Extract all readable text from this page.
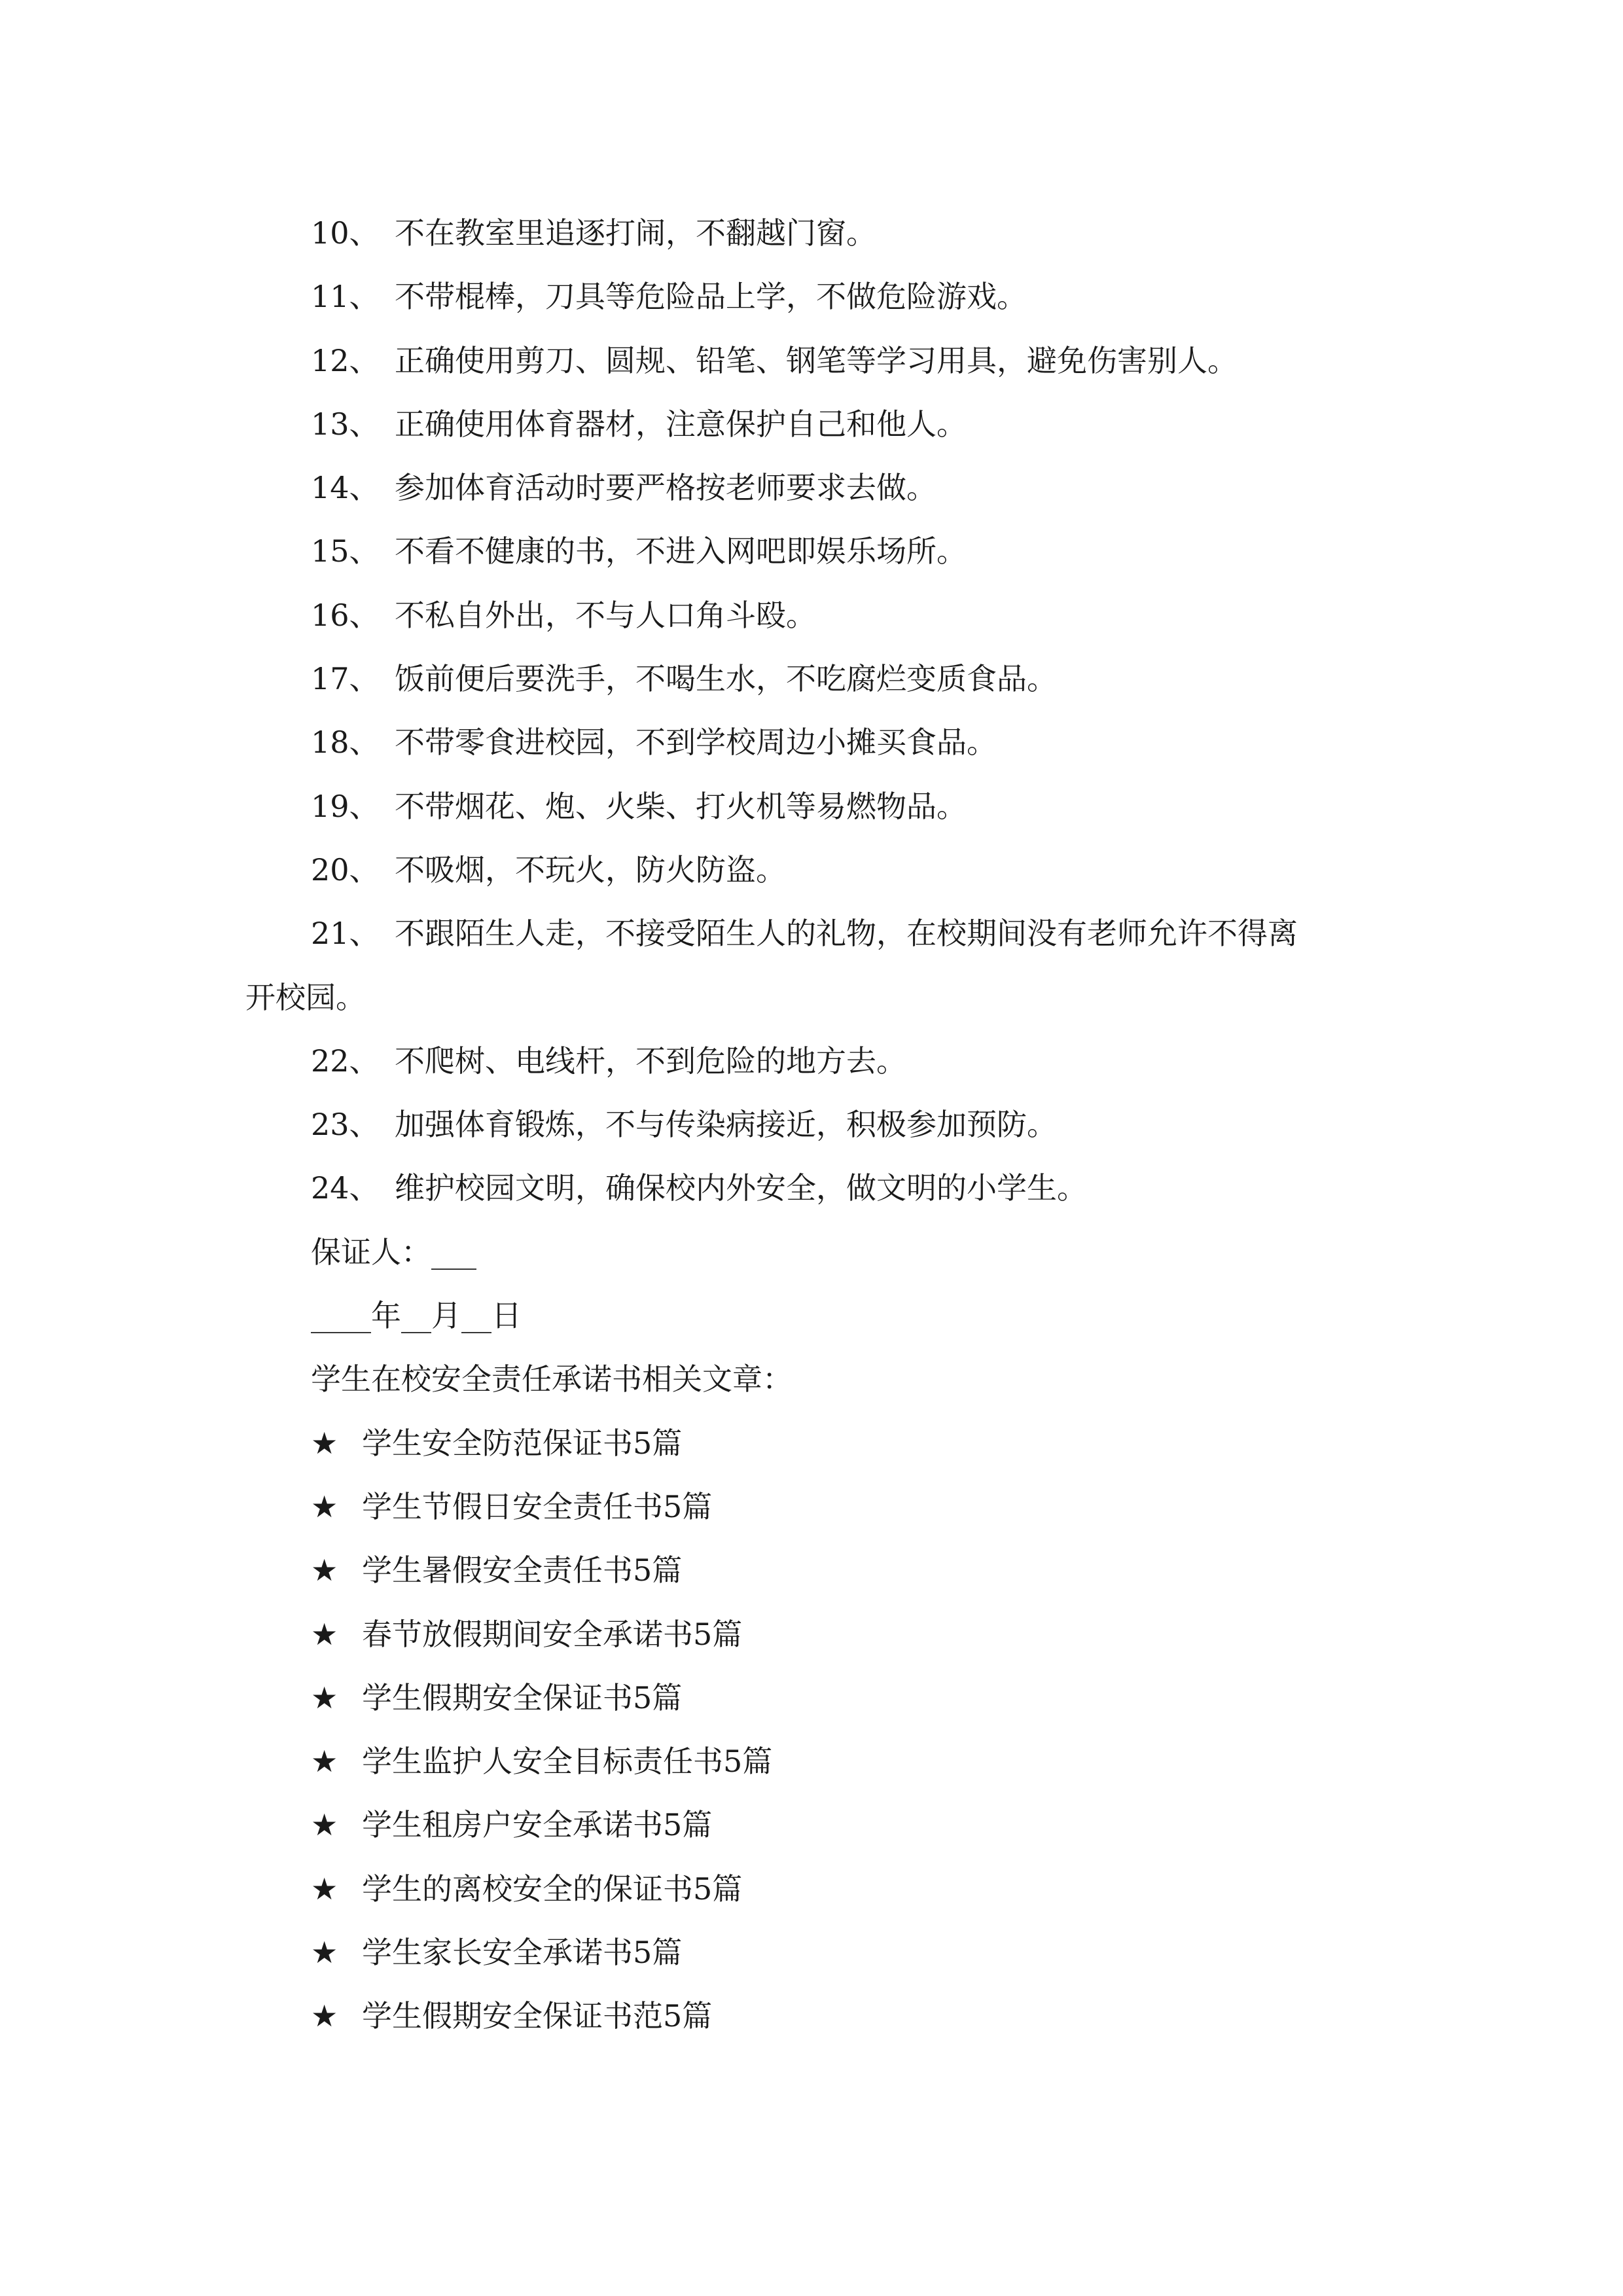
10、 不在教室里追逐打闹，不翻越门窗。
11、 不带棍棒，刀具等危险品上学，不做危险游戏。
12、 正确使用剪刀、圆规、铅笔、钢笔等学习用具，避免伤害别人。
13、 正确使用体育器材，注意保护自己和他人。
14、 参加体育活动时要严格按老师要求去做。
15、 不看不健康的书，不进入网吧即娱乐场所。
16、 不私自外出，不与人口角斗殴。
17、 饭前便后要洗手，不喝生水，不吃腐烂变质食品。
18、 不带零食进校园，不到学校周边小摊买食品。
19、 不带烟花、炮、火柴、打火机等易燃物品。
20、 不吸烟，不玩火，防火防盗。
21、 不跟陌生人走，不接受陌生人的礼物，在校期间没有老师允许不得离
开校园。
22、 不爬树、电线杆，不到危险的地方去。
23、 加强体育锻炼，不与传染病接近，积极参加预防。
24、 维护校园文明，确保校内外安全，做文明的小学生。
保证人：___
____年__月__日
学生在校安全责任承诺书相关文章：
★ 学生安全防范保证书5篇
★ 学生节假日安全责任书5篇
★ 学生暑假安全责任书5篇
★ 春节放假期间安全承诺书5篇
★ 学生假期安全保证书5篇
★ 学生监护人安全目标责任书5篇
★ 学生租房户安全承诺书5篇
★ 学生的离校安全的保证书5篇
★ 学生家长安全承诺书5篇
★ 学生假期安全保证书范5篇
